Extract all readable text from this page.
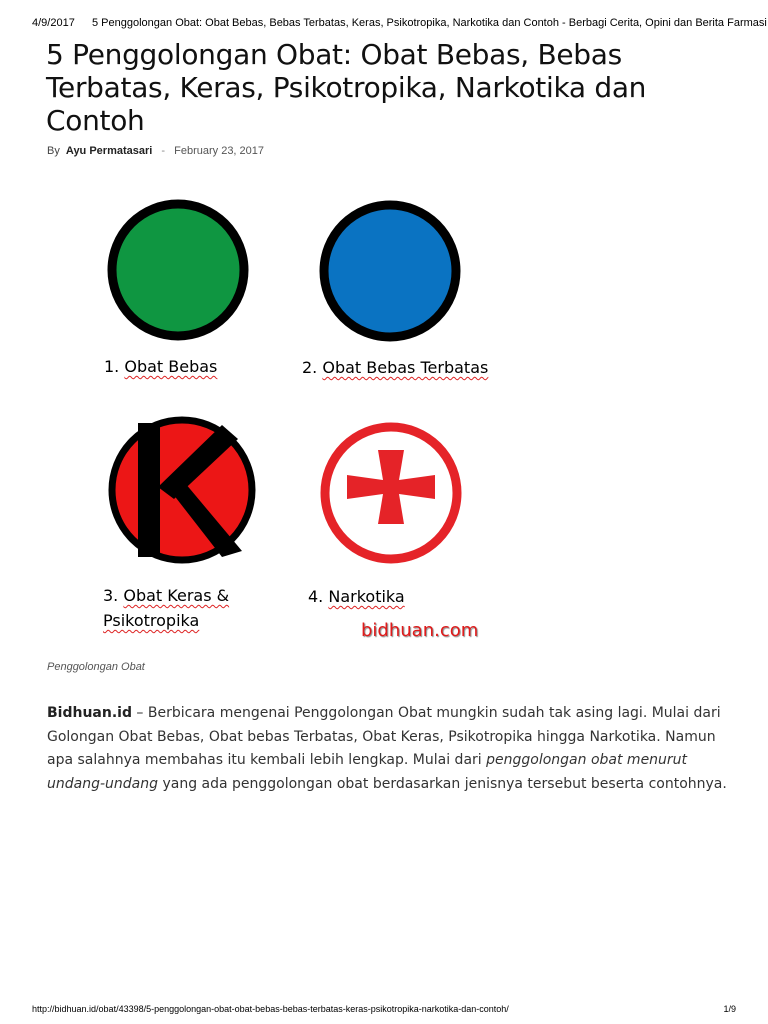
4/9/2017 5 Penggolongan Obat: Obat Bebas, Bebas Terbatas, Keras, Psikotropika, Narkotika dan Contoh - Berbagi Cerita, Opini dan Berita Farmasi
5 Penggolongan Obat: Obat Bebas, Bebas Terbatas, Keras, Psikotropika, Narkotika dan Contoh
By Ayu Permatasari - February 23, 2017
1. Obat Bebas	2. Obat Bebas Terbatas
3. Obat Keras &
Psikotropika
4. Narkotika
bidhuan.com
Penggolongan Obat

Bidhuan.id – Berbicara mengenai Penggolongan Obat mungkin sudah tak asing lagi. Mulai dari Golongan Obat Bebas, Obat bebas Terbatas, Obat Keras, Psikotropika hingga Narkotika. Namun apa salahnya membahas itu kembali lebih lengkap. Mulai dari penggolongan obat menurut undang-undang yang ada penggolongan obat berdasarkan jenisnya tersebut beserta contohnya.

http://bidhuan.id/obat/43398/5-penggolongan-obat-obat-bebas-bebas-terbatas-keras-psikotropika-narkotika-dan-contoh/	1/9
